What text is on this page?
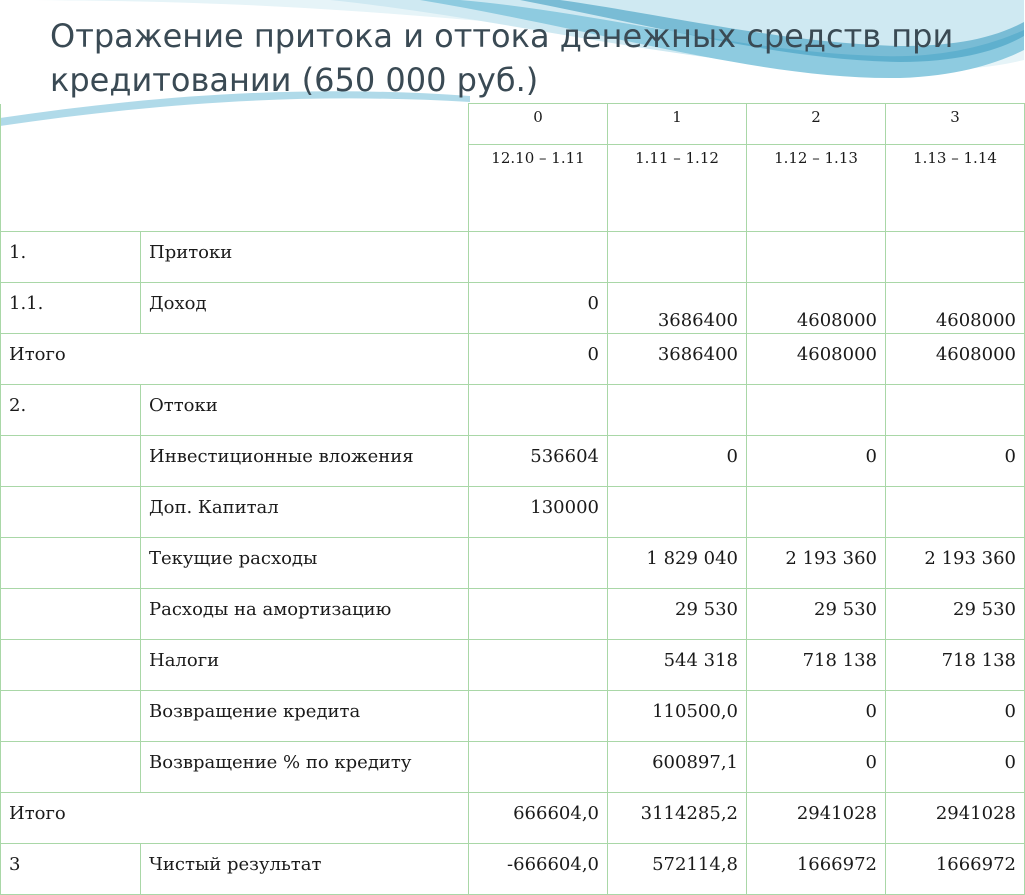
Отражение притока и оттока денежных средств при
кредитовании (650 000 руб.)
		0	1	2	3
		12.10 – 1.11	1.11 – 1.12	1.12 – 1.13	1.13 – 1.14
1.	Притоки				
1.1.	Доход	0	3686400	4608000	4608000
Итого		0	3686400	4608000	4608000
2.	Оттоки				
	Инвестиционные вложения	536604	0	0	0
	Доп. Капитал	130000			
	Текущие расходы		1 829 040	2 193 360	2 193 360
	Расходы на амортизацию		29 530	29 530	29 530
	Налоги		544 318	718 138	718 138
	Возвращение кредита		110500,0	0	0
	Возвращение % по кредиту		600897,1	0	0
Итого		666604,0	3114285,2	2941028	2941028
3	Чистый результат	-666604,0	572114,8	1666972	1666972
